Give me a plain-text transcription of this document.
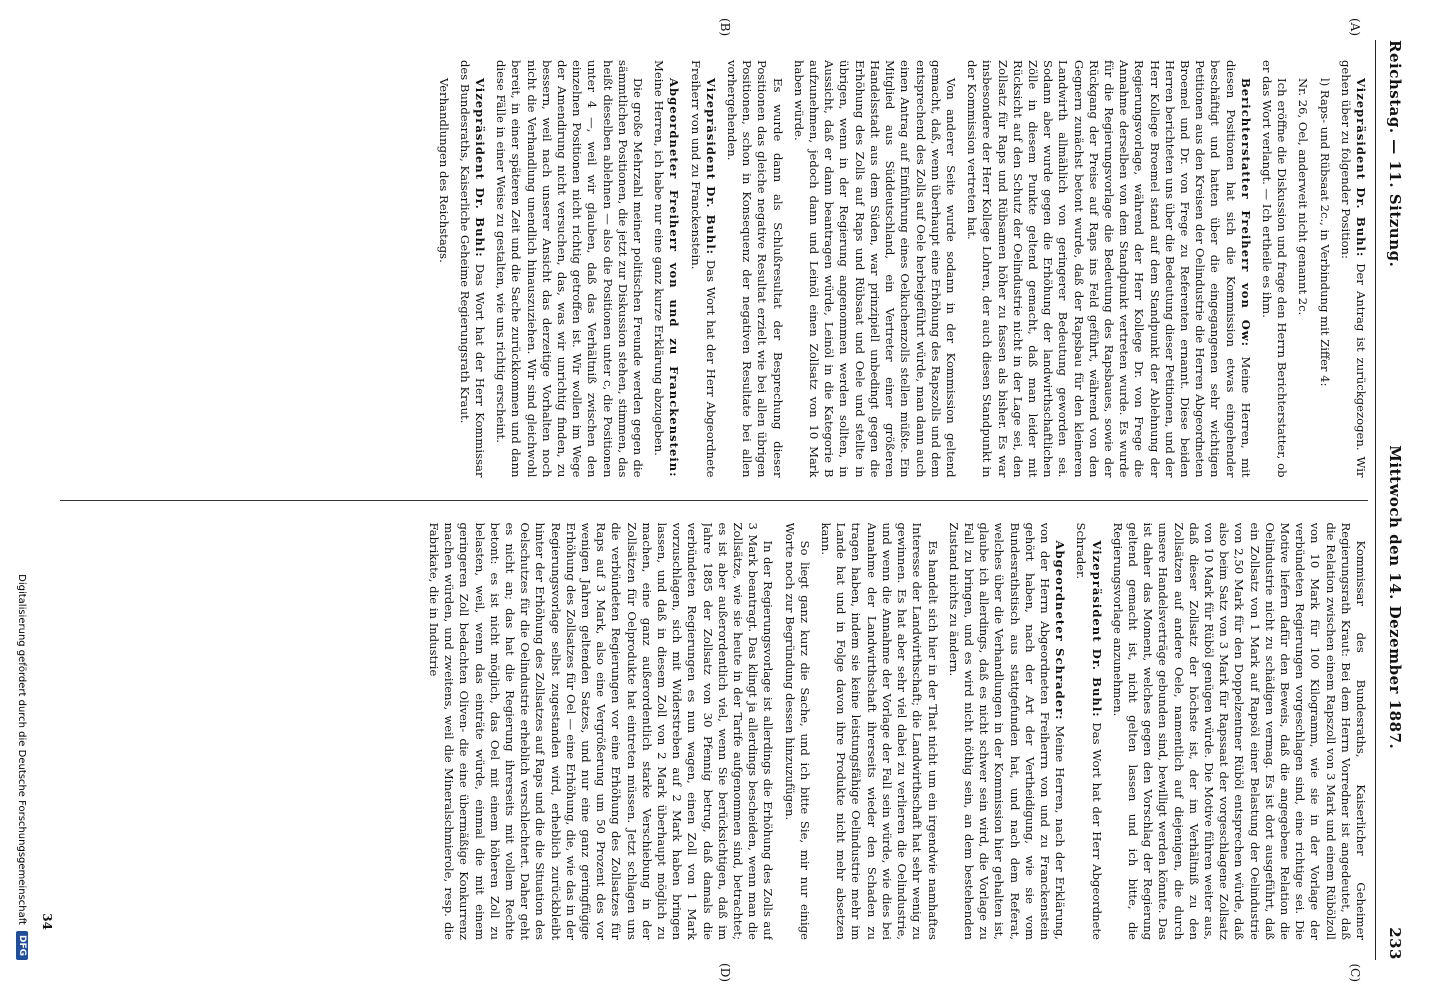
Reichstag. — 11. Sitzung.
Mittwoch den 14. Dezember 1887.
233
(A)
(B)
(C)
(D)

Vizepräsident Dr. Buhl: Der Antrag ist zurückgezogen. Wir gehen über zu folgender Position:

l) Raps- und Rübsaat 2c., in Verbindung mit Ziffer 4:

Nr. 26, Oel, anderweit nicht genannt 2c.

Ich eröffne die Diskussion und frage den Herrn Berichterstatter, ob er das Wort verlangt. — Ich ertheile es ihm.

Berichterstatter Freiherr von Ow: Meine Herren, mit diesen Positionen hat sich die Kommission etwas eingehender beschäftigt und hatten über die eingegangenen sehr wichtigen Petitionen aus den Kreisen der Oelindustrie die Herren Abgeordneten Broemel und Dr. von Frege zu Referenten ernannt. Diese beiden Herren berichteten uns über die Bedeutung dieser Petitionen, und der Herr Kollege Broemel stand auf dem Standpunkt der Ablehnung der Regierungsvorlage, während der Herr Kollege Dr. von Frege die Annahme derselben von dem Standpunkt vertreten wurde. Es wurde für die Regierungsvorlage die Bedeutung des Rapsbaues, sowie der Rückgang der Preise auf Raps ins Feld geführt, während von den Gegnern zunächst betont wurde, daß der Rapsbau für den kleineren Landwirth allmählich von geringerer Bedeutung geworden sei. Sodann aber wurde gegen die Erhöhung der landwirthschaftlichen Zölle in diesem Punkte geltend gemacht, daß man leider mit Rücksicht auf den Schutz der Oelindustrie nicht in der Lage sei, den Zollsatz für Raps und Rübsamen höher zu fassen als bisher. Es war insbesondere der Herr Kollege Lohren, der auch diesen Standpunkt in der Kommission vertreten hat.

Von anderer Seite wurde sodann in der Kommission geltend gemacht, daß, wenn überhaupt eine Erhöhung des Rapszolls und dem entsprechend des Zolls auf Oele herbeigeführt würde, man dann auch einen Antrag auf Einführung eines Oelkuchenzolls stellen müßte. Ein Mitglied aus Süddeutschland, ein Vertreter einer größeren Handelsstadt aus dem Süden, war prinzipiell unbedingt gegen die Erhöhung des Zolls auf Raps und Rübsaat und Oele und stellte in übrigen, wenn in der Regierung angenommen werden sollten, in Aussicht, daß er dann beantragen würde, Leinöl in die Kategorie B aufzunehmen, jedoch dann und Leinöl einen Zollsatz von 10 Mark haben würde.

Es wurde dann als Schlußresultat der Besprechung dieser Positionen das gleiche negative Resultat erzielt wie bei allen übrigen Positionen, schon in Konsequenz der negativen Resultate bei allen vorhergehenden.

Vizepräsident Dr. Buhl: Das Wort hat der Herr Abgeordnete Freiherr von und zu Franckenstein.

Abgeordneter Freiherr von und zu Franckenstein: Meine Herren, ich habe nur eine ganz kurze Erklärung abzugeben.

Die große Mehrzahl meiner politischen Freunde werden gegen die sämmtlichen Positionen, die jetzt zur Diskussion stehen, stimmen, das heißt dieselben ablehnen — also die Positionen unter c, die Positionen unter 4 —, weil wir glauben, daß das Verhältniß zwischen den einzelnen Positionen nicht richtig getroffen ist. Wir wollen im Wege der Amendirung nicht versuchen, das, was wir unrichtig finden, zu bessern, weil nach unserer Ansicht das derzeitige Vorhalten noch nicht die Verhandlung unendlich hinauszuziehen. Wir sind gleichwohl bereit, in einer späteren Zeit und die Sache zurückkommen und dann diese Fälle in einer Weise zu gestalten, wie uns richtig erscheint.

Vizepräsident Dr. Buhl: Das Wort hat der Herr Kommissar des Bundesraths, Kaiserliche Geheime Regierungsrath Kraut.

Verhandlungen des Reichstags.

Kommissar des Bundesraths, Kaiserlicher Geheimer Regierungsrath Kraut: Bei dem Herrn Vorredner ist angedeutet, daß die Relation zwischen einem Rapszoll von 3 Mark und einem Rübölzoll von 10 Mark für 100 Kilogramm, wie sie in der Vorlage der verbündeten Regierungen vorgeschlagen sind, eine richtige sei. Die Motive liefern dafür den Beweis, daß die angegebene Relation die Oelindustrie nicht zu schädigen vermag. Es ist dort ausgeführt, daß ein Zollsatz von 1 Mark auf Rapsöl einer Belastung der Oelindustrie von 2,50 Mark für den Doppelzentner Rüböl entsprechen würde, daß also beim Satz von 3 Mark für Rapssaat der vorgeschlagene Zollsatz von 10 Mark für Rüböl genügen würde. Die Motive führen weiter aus, daß dieser Zollsatz der höchste ist, der im Verhältniß zu den Zollsätzen auf andere Oele, namentlich auf diejenigen, die durch unsere Handelsverträge gebunden sind, bewilligt werden könnte. Das ist daher das Moment, welches gegen den Vorschlag der Regierung geltend gemacht ist, nicht gelten lassen und ich bitte, die Regierungsvorlage anzunehmen.

Vizepräsident Dr. Buhl: Das Wort hat der Herr Abgeordnete Schrader.

Abgeordneter Schrader: Meine Herren, nach der Erklärung, von der Herrn Abgeordneten Freiherrn von und zu Franckenstein gehört haben, nach der Art der Vertheidigung, wie sie vom Bundesrathstisch aus stattgefunden hat, und nach dem Referat, welches über die Verhandlungen in der Kommission hier gehalten ist, glaube ich allerdings, daß es nicht schwer sein wird, die Vorlage zu Fall zu bringen, und es wird nicht nöthig sein, an dem bestehenden Zustand nichts zu ändern.

Es handelt sich hier in der That nicht um ein irgendwie namhaftes Interesse der Landwirthschaft; die Landwirthschaft hat sehr wenig zu gewinnen. Es hat aber sehr viel dabei zu verlieren die Oelindustrie, und wenn die Annahme der Vorlage der Fall sein würde, wie dies bei Annahme der Landwirthschaft ihrerseits wieder den Schaden zu tragen haben, indem sie keine leistungsfähige Oelindustrie mehr im Lande hat und in Folge davon ihre Produkte nicht mehr absetzen kann.

So liegt ganz kurz die Sache, und ich bitte Sie, mir nur einige Worte noch zur Begründung dessen hinzuzufügen.

In der Regierungsvorlage ist allerdings die Erhöhung des Zolls auf 3 Mark beantragt. Das klingt ja allerdings bescheiden, wenn man die Zollsätze, wie sie heute in der Tarife aufgenommen sind, betrachtet; es ist aber außerordentlich viel, wenn Sie berücksichtigen, daß im Jahre 1885 der Zollsatz von 30 Pfennig betrug, daß damals die verbündeten Regierungen es nun wagen, einen Zoll von 1 Mark vorzuschlagen, sich mit Widerstreben auf 2 Mark haben bringen lassen, und daß in diesem Zoll von 2 Mark überhaupt möglich zu machen, eine ganz außerordentlich starke Verschiebung in der Zollsätzen für Oelprodukte hat eintreten müssen. Jetzt schlagen uns die verbündeten Regierungen vor eine Erhöhung des Zollsatzes für Raps auf 3 Mark, also eine Vergrößerung um 50 Prozent des vor wenigen Jahren geltenden Satzes, und nur eine ganz geringfügige Erhöhung des Zollsatzes für Oel — eine Erhöhung, die, wie das in der Regierungsvorlage selbst zugestanden wird, erheblich zurückbleibt hinter der Erhöhung des Zollsatzes auf Raps und die die Situation des Oelschutzes für die Oelindustrie erheblich verschlechtert. Daher geht es nicht an; das hat die Regierung ihrerseits mit vollem Rechte betont: es ist nicht möglich, das Oel mit einem höheren Zoll zu belasten, weil, wenn das einträte würde, einmal die mit einem geringeren Zoll bedachten Oliven- die eine übermäßige Konkurrenz machen würden, und zweitens, weil die Mineralschmierole, resp. die Fabrikate, die in Industrie

34
Digitalisierung gefördert durch die Deutsche Forschungsgemeinschaft
DFG
